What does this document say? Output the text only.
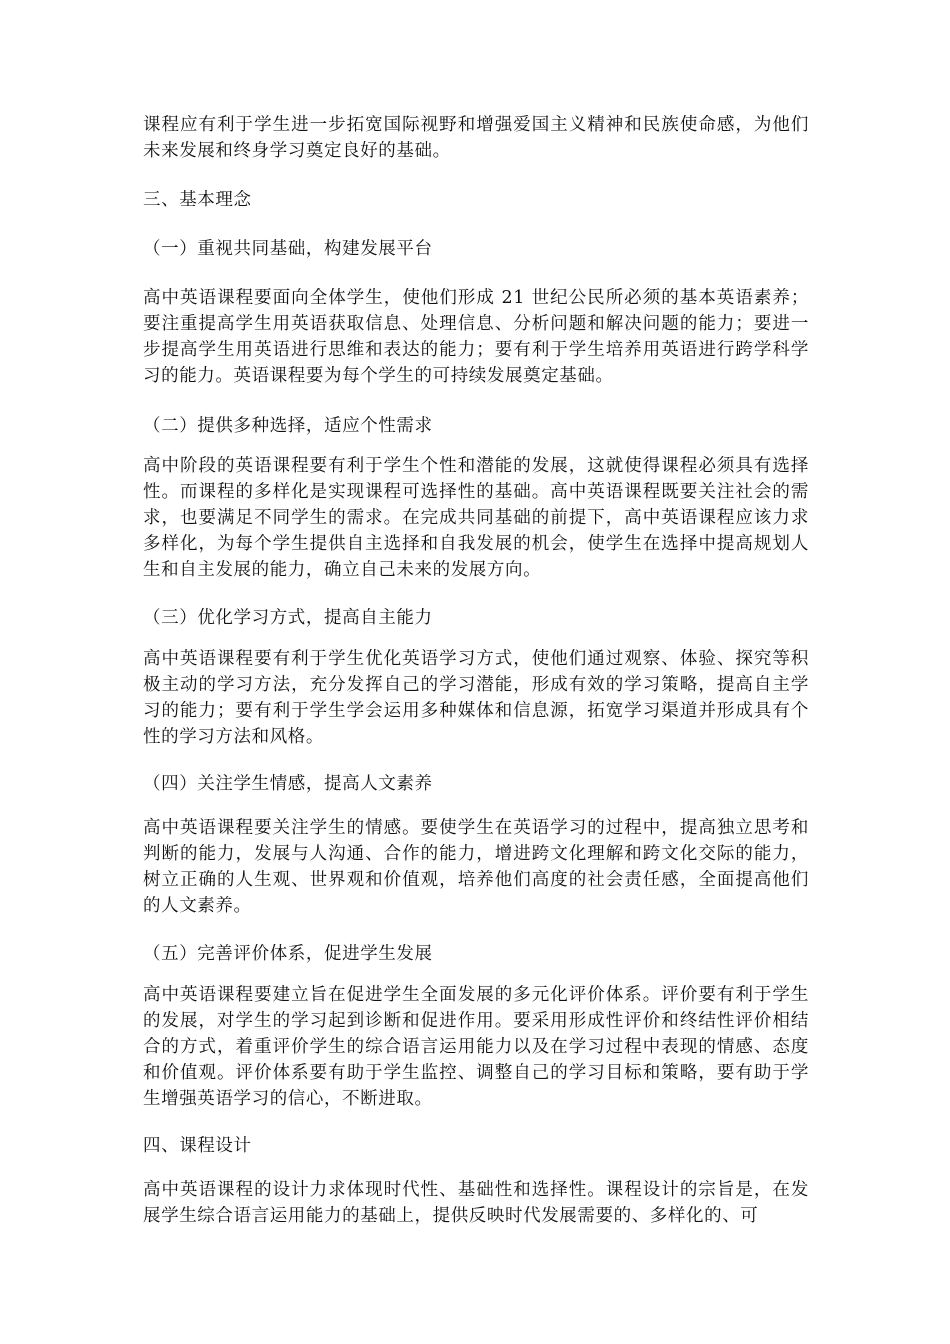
课程应有利于学生进一步拓宽国际视野和增强爱国主义精神和民族使命感，为他们未来发展和终身学习奠定良好的基础。

三、基本理念

（一）重视共同基础，构建发展平台

高中英语课程要面向全体学生，使他们形成 21 世纪公民所必须的基本英语素养；要注重提高学生用英语获取信息、处理信息、分析问题和解决问题的能力；要进一步提高学生用英语进行思维和表达的能力；要有利于学生培养用英语进行跨学科学习的能力。英语课程要为每个学生的可持续发展奠定基础。

（二）提供多种选择，适应个性需求

高中阶段的英语课程要有利于学生个性和潜能的发展，这就使得课程必须具有选择性。而课程的多样化是实现课程可选择性的基础。高中英语课程既要关注社会的需求，也要满足不同学生的需求。在完成共同基础的前提下，高中英语课程应该力求多样化，为每个学生提供自主选择和自我发展的机会，使学生在选择中提高规划人生和自主发展的能力，确立自己未来的发展方向。

（三）优化学习方式，提高自主能力

高中英语课程要有利于学生优化英语学习方式，使他们通过观察、体验、探究等积极主动的学习方法，充分发挥自己的学习潜能，形成有效的学习策略，提高自主学习的能力；要有利于学生学会运用多种媒体和信息源，拓宽学习渠道并形成具有个性的学习方法和风格。

（四）关注学生情感，提高人文素养

高中英语课程要关注学生的情感。要使学生在英语学习的过程中，提高独立思考和判断的能力，发展与人沟通、合作的能力，增进跨文化理解和跨文化交际的能力，树立正确的人生观、世界观和价值观，培养他们高度的社会责任感，全面提高他们的人文素养。

（五）完善评价体系，促进学生发展

高中英语课程要建立旨在促进学生全面发展的多元化评价体系。评价要有利于学生的发展，对学生的学习起到诊断和促进作用。要采用形成性评价和终结性评价相结合的方式，着重评价学生的综合语言运用能力以及在学习过程中表现的情感、态度和价值观。评价体系要有助于学生监控、调整自己的学习目标和策略，要有助于学生增强英语学习的信心，不断进取。

四、课程设计

高中英语课程的设计力求体现时代性、基础性和选择性。课程设计的宗旨是，在发展学生综合语言运用能力的基础上，提供反映时代发展需要的、多样化的、可
